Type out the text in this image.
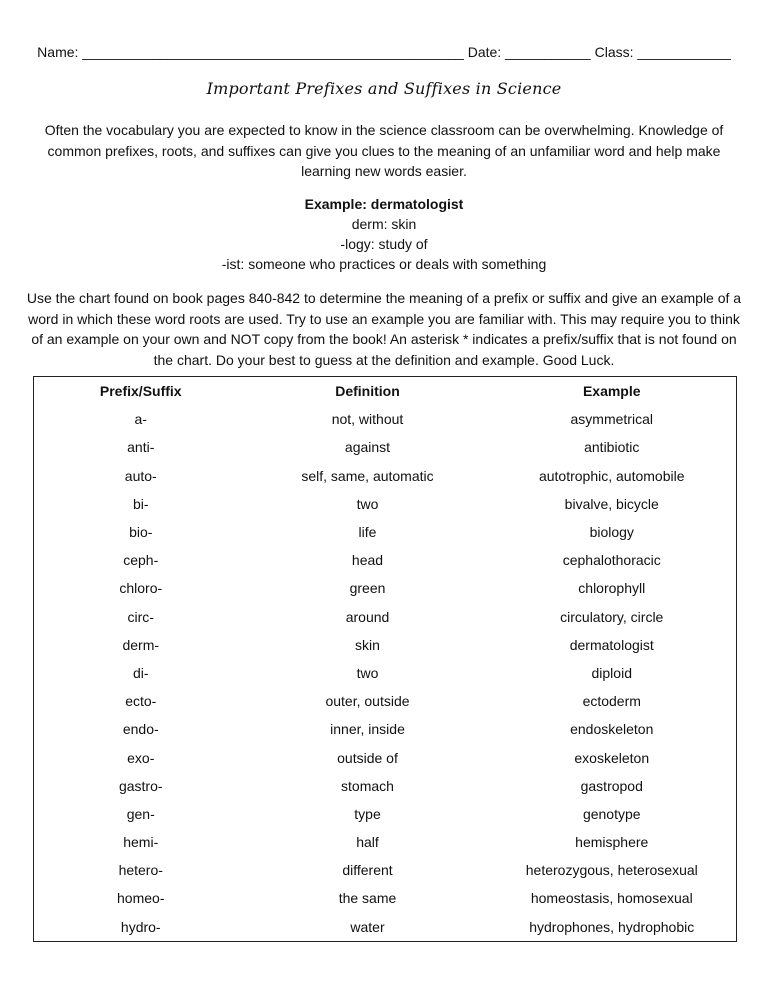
Name: _________________________________________________ Date: ___________ Class: ____________
Important Prefixes and Suffixes in Science
Often the vocabulary you are expected to know in the science classroom can be overwhelming. Knowledge of common prefixes, roots, and suffixes can give you clues to the meaning of an unfamiliar word and help make learning new words easier.
Example: dermatologist
derm: skin
-logy: study of
-ist: someone who practices or deals with something
Use the chart found on book pages 840-842 to determine the meaning of a prefix or suffix and give an example of a word in which these word roots are used. Try to use an example you are familiar with. This may require you to think of an example on your own and NOT copy from the book! An asterisk * indicates a prefix/suffix that is not found on the chart. Do your best to guess at the definition and example. Good Luck.
Prefix/Suffix	Definition	Example
a-	not, without	asymmetrical
anti-	against	antibiotic
auto-	self, same, automatic	autotrophic, automobile
bi-	two	bivalve, bicycle
bio-	life	biology
ceph-	head	cephalothoracic
chloro-	green	chlorophyll
circ-	around	circulatory, circle
derm-	skin	dermatologist
di-	two	diploid
ecto-	outer, outside	ectoderm
endo-	inner, inside	endoskeleton
exo-	outside of	exoskeleton
gastro-	stomach	gastropod
gen-	type	genotype
hemi-	half	hemisphere
hetero-	different	heterozygous, heterosexual
homeo-	the same	homeostasis, homosexual
hydro-	water	hydrophones, hydrophobic
